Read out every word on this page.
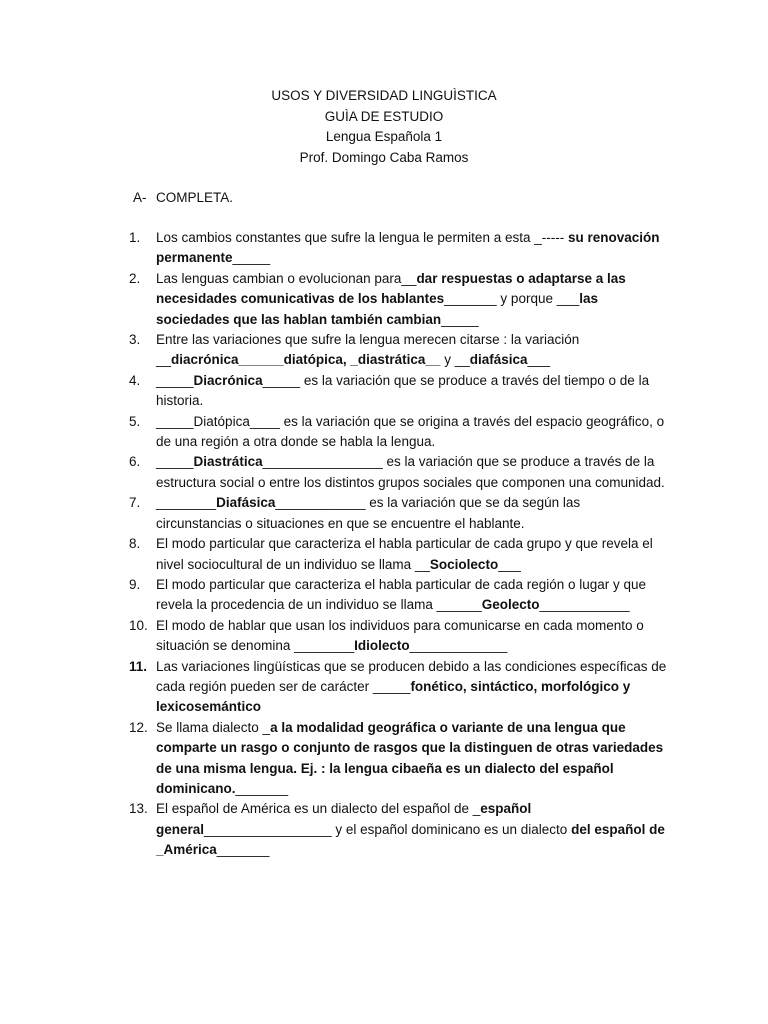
USOS Y DIVERSIDAD LINGUÌSTICA
GUÌA DE ESTUDIO
Lengua Española 1
Prof. Domingo Caba Ramos
A- COMPLETA.
1.	Los cambios constantes que sufre la lengua le permiten a esta _----- su renovación permanente_____
2.	Las lenguas cambian o evolucionan para__dar respuestas o adaptarse a las necesidades comunicativas de los hablantes_______ y porque ___las sociedades que las hablan también cambian_____
3.	Entre las variaciones que sufre la lengua merecen citarse : la variación __diacrónica______diatópica, _diastrática__ y __diafásica___
4.	_____Diacrónica_____ es la variación que se produce a través del tiempo o de la historia.
5.	_____Diatópica____ es la variación que se origina a través del espacio geográfico, o de una región a otra donde se habla la lengua.
6.	_____Diastrática________________ es la variación que se produce a través de la estructura social o entre los distintos grupos sociales que componen una comunidad.
7.	________Diafásica____________ es la variación que se da según las circunstancias o situaciones en que se encuentre el hablante.
8.	El modo particular que caracteriza el habla particular de cada grupo y que revela el nivel sociocultural de un individuo se llama __Sociolecto___
9.	El modo particular que caracteriza el habla particular de cada región o lugar y que revela la procedencia de un individuo se llama ______Geolecto____________
10. El modo de hablar que usan los individuos para comunicarse en cada momento o situación se denomina ________Idiolecto_____________
11. Las variaciones lingüísticas que se producen debido a las condiciones específicas de cada región pueden ser de carácter _____fonético, sintáctico, morfológico y lexicosemántico
12. Se llama dialecto _a la modalidad geográfica o variante de una lengua que comparte un rasgo o conjunto de rasgos que la distinguen de otras variedades de una misma lengua. Ej. : la lengua cibaeña es un dialecto del español dominicano._______
13. El español de América es un dialecto del español de _español general_________________ y el español dominicano es un dialecto del español de _América_______
